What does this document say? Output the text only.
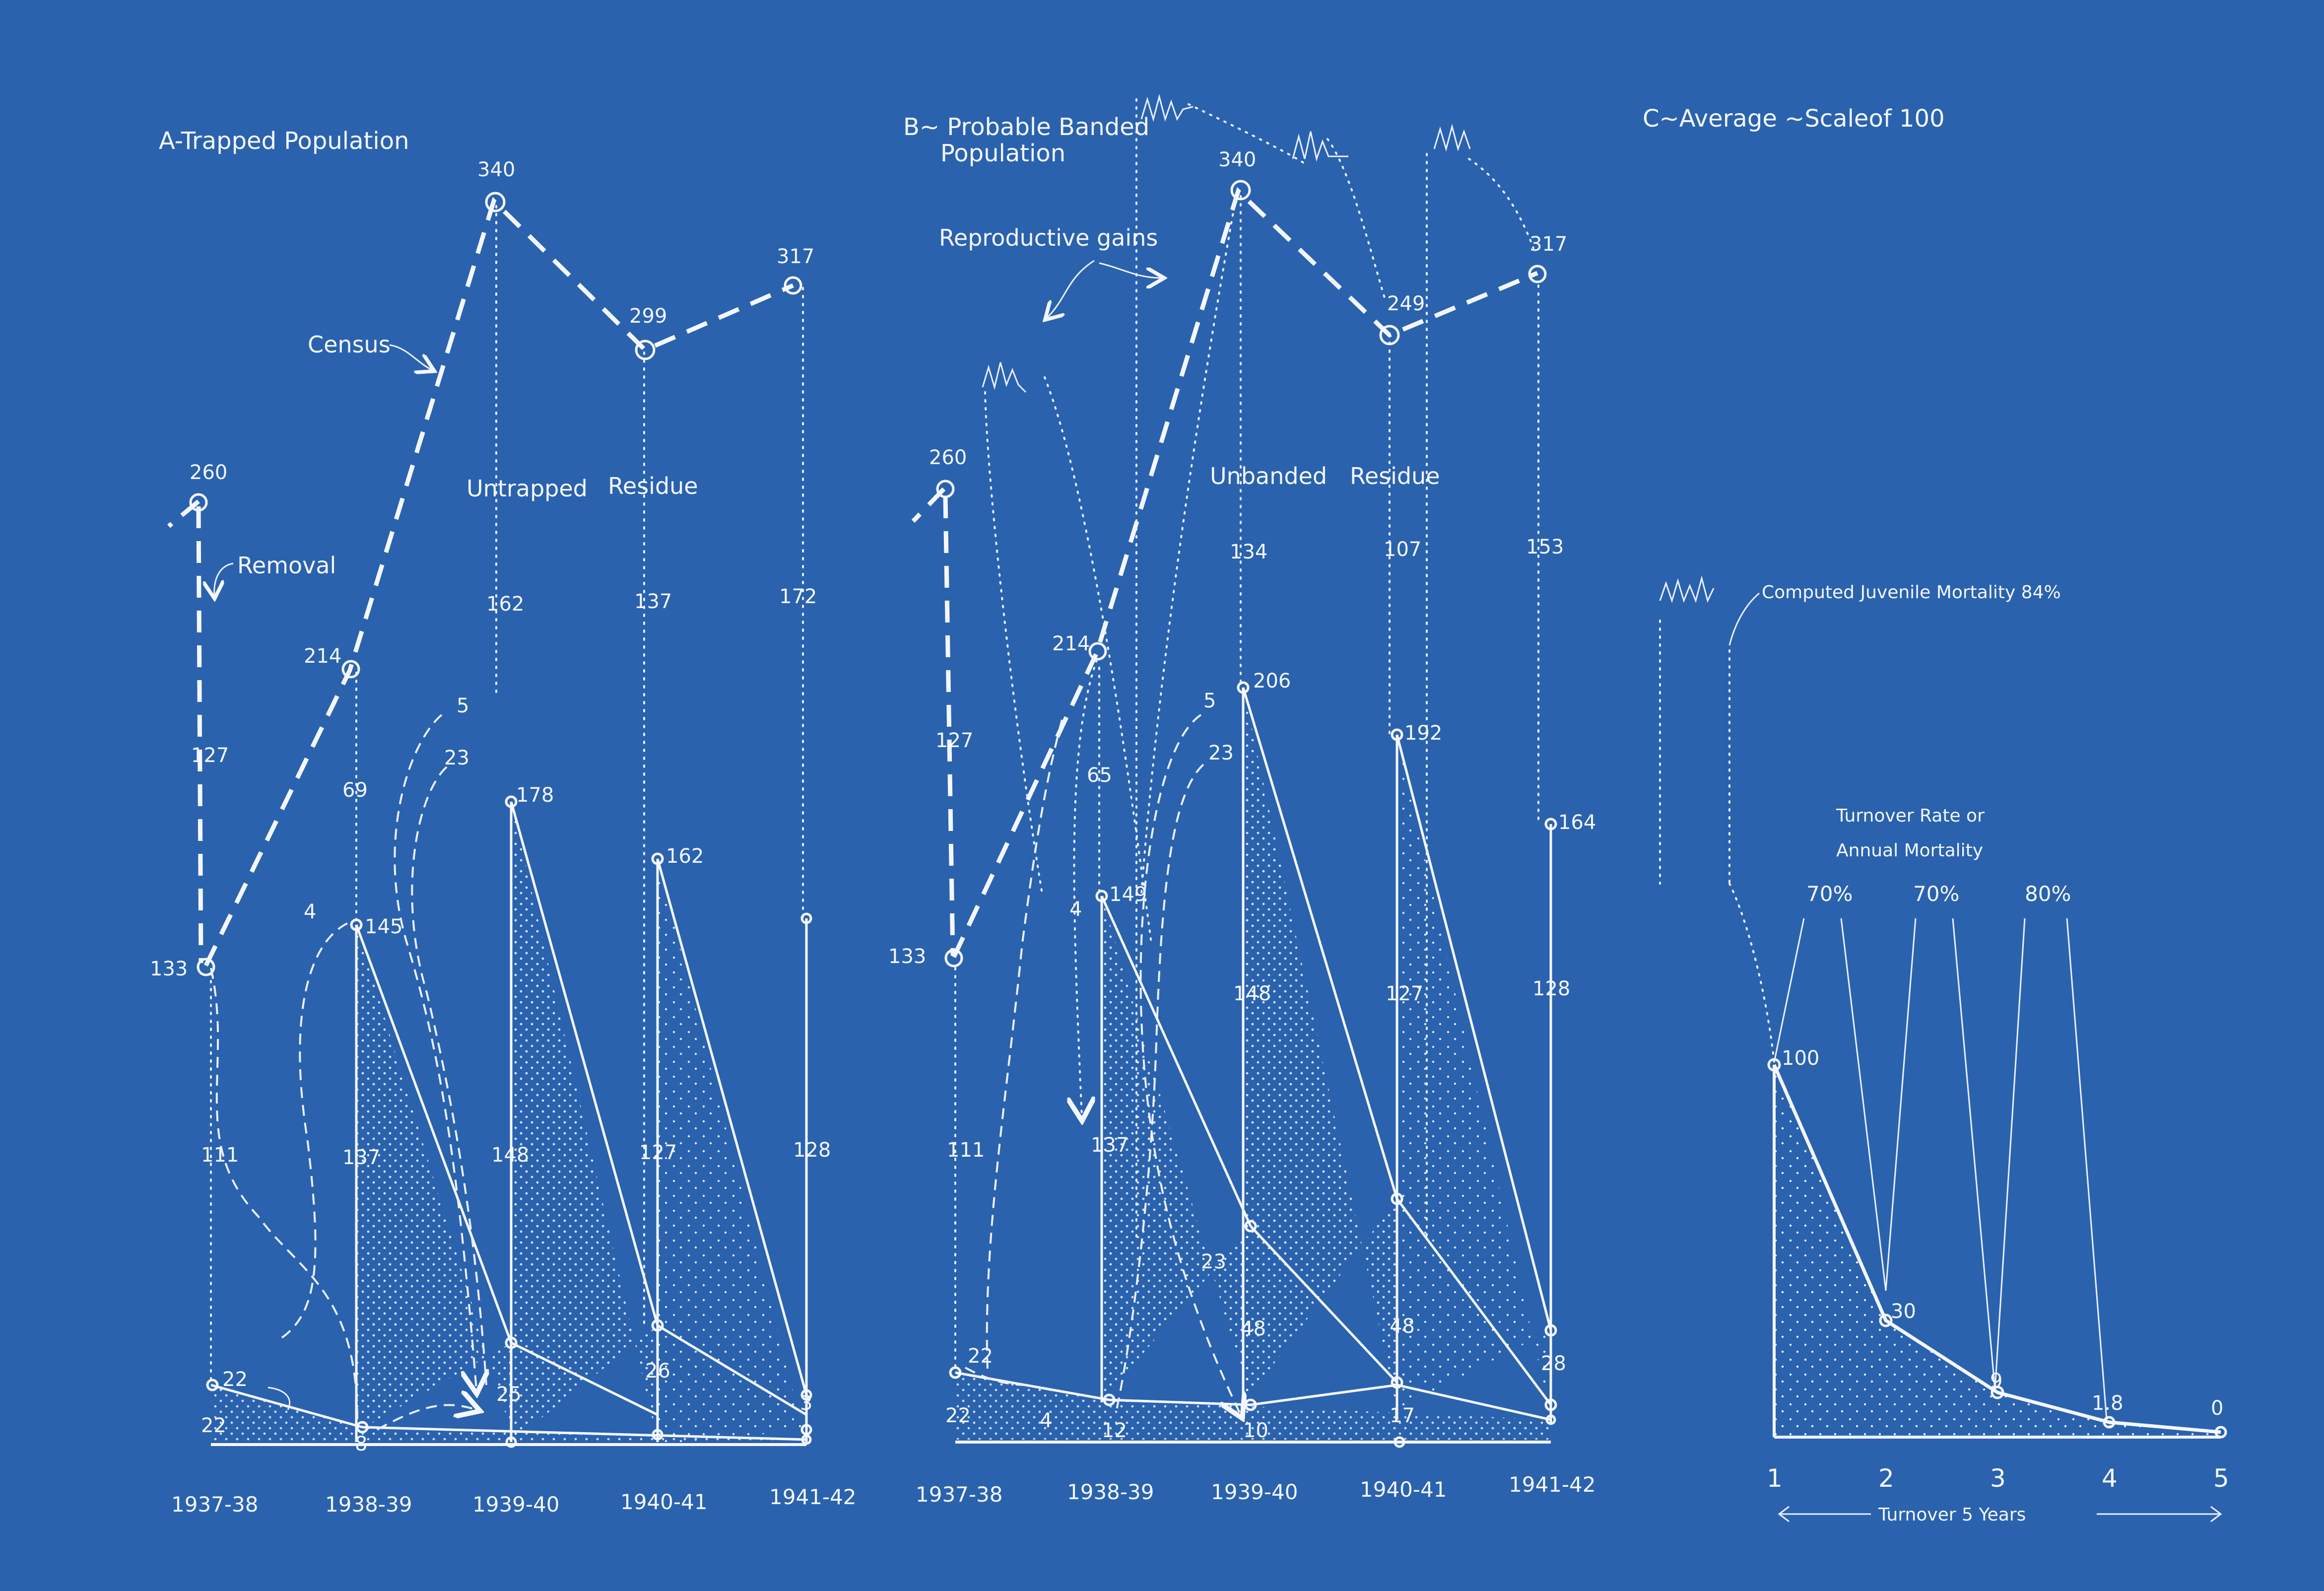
A-Trapped Population
260
133
214
340
299
317
145
178
162
25
26
3
22
22
8
127
69
111	137
162
148
137
127
172
128
4
5
23
Census
Removal
Untrapped Residue
1937-38	1938-39	1939-40	1940-41	1941-42
B~ Probable Banded
Population
260
133
214
340
249
317
149
206
192
164
48	48
28
22
22
12	10
17
127
65
111	137
134
148
107
127
153
128
4
5
23
23
4
Reproductive gains
Unbanded Residue
1937-38	1938-39	1939-40	1940-41	1941-42
C~Average ~Scaleof 100
Computed Juvenile Mortality 84%
Turnover Rate or
Annual Mortality
70%	70%	80%
100
30
9
1.8	0
1	2	3	4	5
Turnover 5 Years
